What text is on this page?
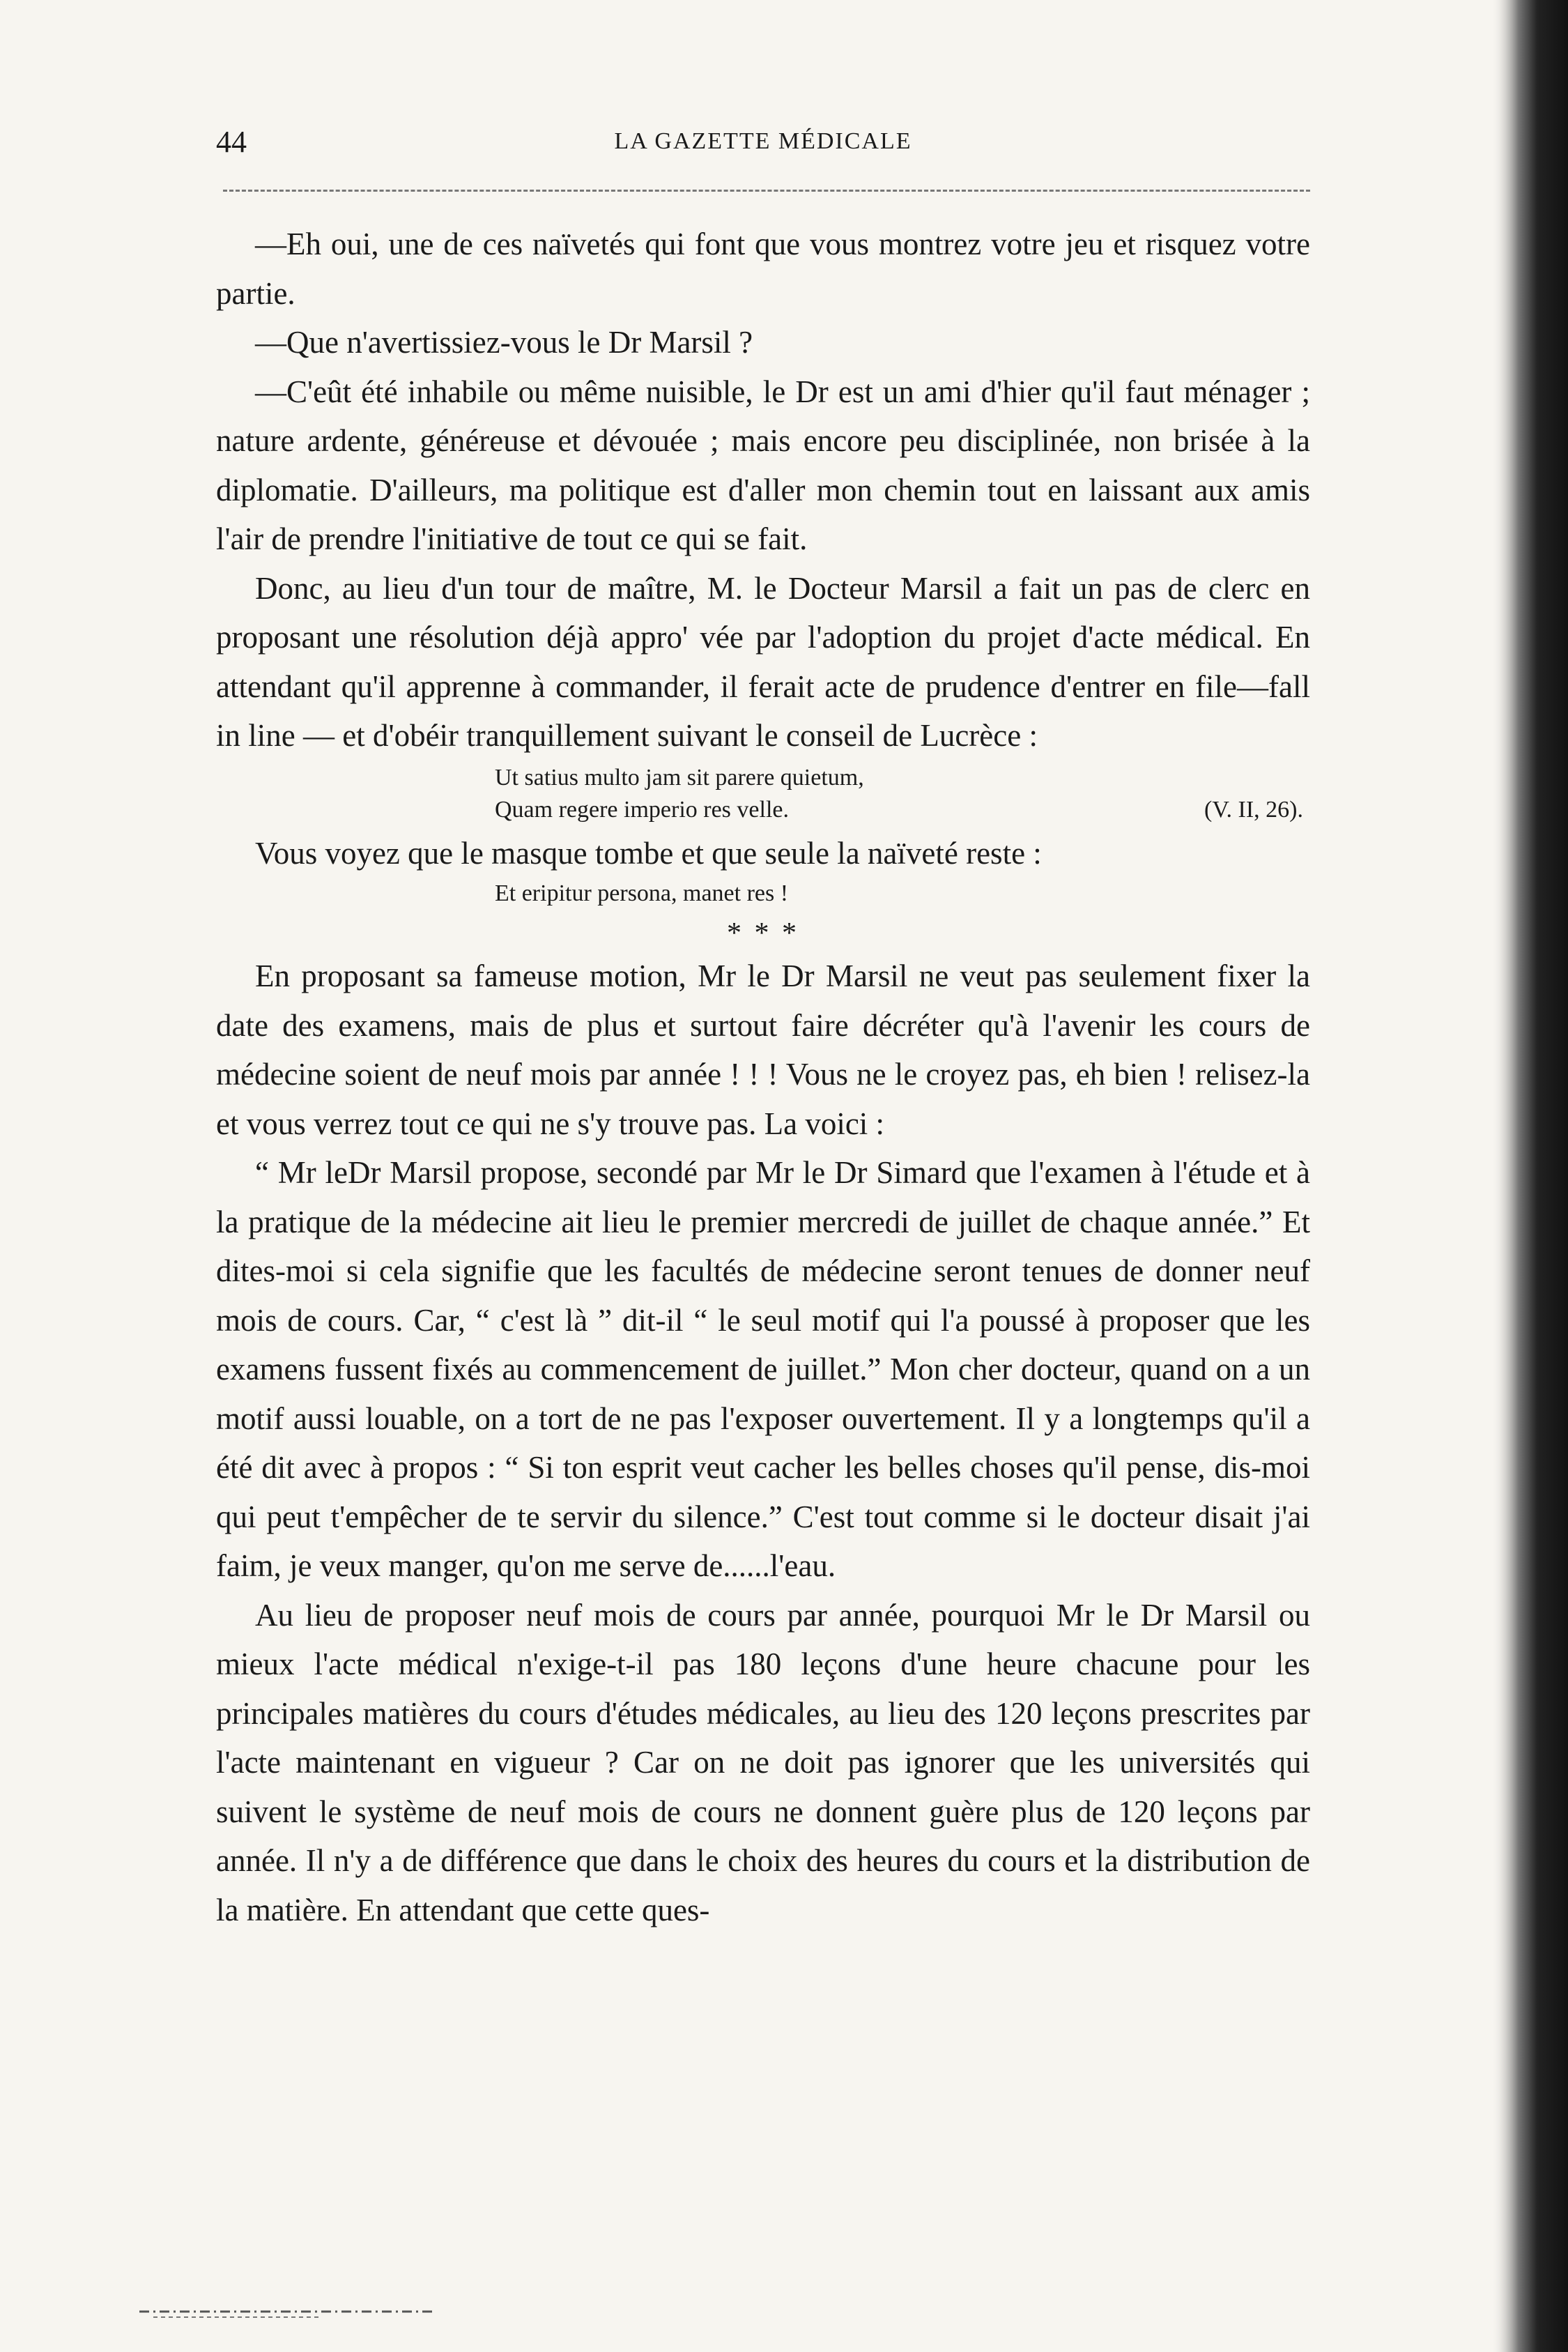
44	LA GAZETTE MÉDICALE

—Eh oui, une de ces naïvetés qui font que vous montrez votre jeu et risquez votre partie.

—Que n'avertissiez-vous le Dr Marsil ?

—C'eût été inhabile ou même nuisible, le Dr est un ami d'hier qu'il faut ménager ; nature ardente, généreuse et dévouée ; mais encore peu disciplinée, non brisée à la diplomatie. D'ailleurs, ma politique est d'aller mon chemin tout en laissant aux amis l'air de prendre l'initiative de tout ce qui se fait.

Donc, au lieu d'un tour de maître, M. le Docteur Marsil a fait un pas de clerc en proposant une résolution déjà appro' vée par l'adoption du projet d'acte médical. En attendant qu'il apprenne à commander, il ferait acte de prudence d'entrer en file—fall in line — et d'obéir tranquillement suivant le conseil de Lucrèce :

Ut satius multo jam sit parere quietum,
Quam regere imperio res velle.	(V. II, 26).

Vous voyez que le masque tombe et que seule la naïveté reste :

Et eripitur persona, manet res !
* * *

En proposant sa fameuse motion, Mr le Dr Marsil ne veut pas seulement fixer la date des examens, mais de plus et surtout faire décréter qu'à l'avenir les cours de médecine soient de neuf mois par année ! ! ! Vous ne le croyez pas, eh bien ! relisez-la et vous verrez tout ce qui ne s'y trouve pas. La voici :

“ Mr leDr Marsil propose, secondé par Mr le Dr Simard que l'examen à l'étude et à la pratique de la médecine ait lieu le premier mercredi de juillet de chaque année.” Et dites-moi si cela signifie que les facultés de médecine seront tenues de donner neuf mois de cours. Car, “ c'est là ” dit-il “ le seul motif qui l'a poussé à proposer que les examens fussent fixés au commencement de juillet.” Mon cher docteur, quand on a un motif aussi louable, on a tort de ne pas l'exposer ouvertement. Il y a longtemps qu'il a été dit avec à propos : “ Si ton esprit veut cacher les belles choses qu'il pense, dis-moi qui peut t'empêcher de te servir du silence.” C'est tout comme si le docteur disait j'ai faim, je veux manger, qu'on me serve de......l'eau.

Au lieu de proposer neuf mois de cours par année, pourquoi Mr le Dr Marsil ou mieux l'acte médical n'exige-t-il pas 180 leçons d'une heure chacune pour les principales matières du cours d'études médicales, au lieu des 120 leçons prescrites par l'acte maintenant en vigueur ? Car on ne doit pas ignorer que les universités qui suivent le système de neuf mois de cours ne donnent guère plus de 120 leçons par année. Il n'y a de différence que dans le choix des heures du cours et la distribution de la matière. En attendant que cette ques-
